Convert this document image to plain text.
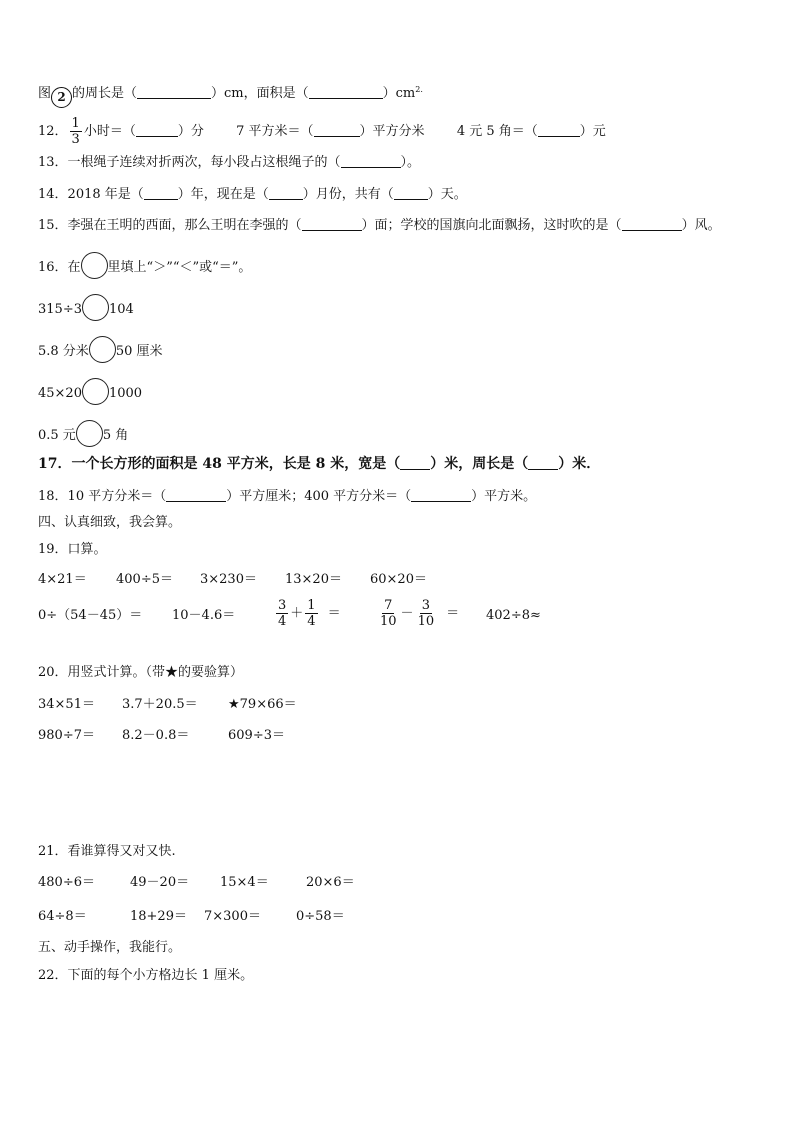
图 2 的周长是（	）cm，面积是（	）$cm^{2.}$
12． $\frac{1}{3}$ 小时＝（	）分 7 平方米＝（	）平方分米 4 元 5 角＝（	）元
13．一根绳子连续对折两次，每小段占这根绳子的（	）。
14．2018 年是（	）年，现在是（	）月份，共有（	）天。
15．李强在王明的西面，那么王明在李强的（	）面；学校的国旗向北面飘扬，这时吹的是（	）风。
16．在 里填上“＞”“＜”或“＝”。
315÷3 104
5.8 分米 50 厘米
45×20 1000
0.5 元 5 角
17．一个长方形的面积是 48 平方米，长是 8 米，宽是（ ）米，周长是（ ）米．
18．10 平方分米＝（	）平方厘米；400 平方分米＝（	）平方米。
四、认真细致，我会算。
19．口算。
4×21＝ 400÷5＝ 3×230＝ 13×20＝ 60×20＝
0÷（54－45）＝ 10－4.6＝	$\frac{3}{4} + \frac{1}{4}$ ＝	$\frac{7}{10} - \frac{3}{10} = 402\div 8\approx$
20．用竖式计算。（带★的要验算）
34×51＝ 3.7＋20.5＝ ★79×66＝
980÷7＝ 8.2－0.8＝	609÷3＝
21．看谁算得又对又快.
480÷6＝	49－20＝ 15×4＝	20×6＝
64÷8＝	18+29＝ 7×300＝	0÷58＝
五、动手操作，我能行。
22．下面的每个小方格边长 1 厘米。
